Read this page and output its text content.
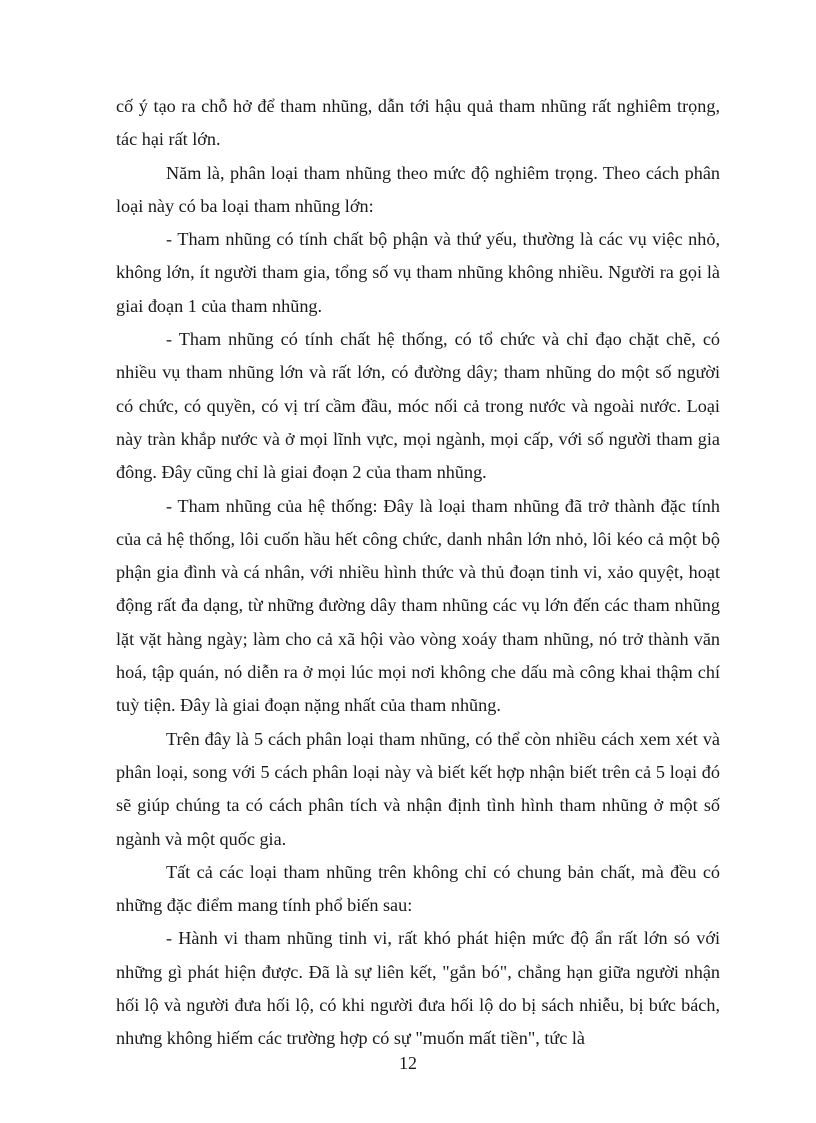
cố ý tạo ra chỗ hở để tham nhũng, dẫn tới hậu quả tham nhũng rất nghiêm trọng, tác hại rất lớn.

Năm là, phân loại tham nhũng theo mức độ nghiêm trọng. Theo cách phân loại này có ba loại tham nhũng lớn:

- Tham nhũng có tính chất bộ phận và thứ yếu, thường là các vụ việc nhỏ, không lớn, ít người tham gia, tổng số vụ tham nhũng không nhiều. Người ra gọi là giai đoạn 1 của tham nhũng.

- Tham nhũng có tính chất hệ thống, có tổ chức và chỉ đạo chặt chẽ, có nhiều vụ tham nhũng lớn và rất lớn, có đường dây; tham nhũng do một số người có chức, có quyền, có vị trí cầm đầu, móc nối cả trong nước và ngoài nước. Loại này tràn khắp nước và ở mọi lĩnh vực, mọi ngành, mọi cấp, với số người tham gia đông. Đây cũng chỉ là giai đoạn 2 của tham nhũng.

- Tham nhũng của hệ thống: Đây là loại tham nhũng đã trở thành đặc tính của cả hệ thống, lôi cuốn hầu hết công chức, danh nhân lớn nhỏ, lôi kéo cả một bộ phận gia đình và cá nhân, với nhiều hình thức và thủ đoạn tinh vi, xảo quyệt, hoạt động rất đa dạng, từ những đường dây tham nhũng các vụ lớn đến các tham nhũng lặt vặt hàng ngày; làm cho cả xã hội vào vòng xoáy tham nhũng, nó trở thành văn hoá, tập quán, nó diễn ra ở mọi lúc mọi nơi không che dấu mà công khai thậm chí tuỳ tiện. Đây là giai đoạn nặng nhất của tham nhũng.

Trên đây là 5 cách phân loại tham nhũng, có thể còn nhiều cách xem xét và phân loại, song với 5 cách phân loại này và biết kết hợp nhận biết trên cả 5 loại đó sẽ giúp chúng ta có cách phân tích và nhận định tình hình tham nhũng ở một số ngành và một quốc gia.

Tất cả các loại tham nhũng trên không chỉ có chung bản chất, mà đều có những đặc điểm mang tính phổ biến sau:

- Hành vi tham nhũng tinh vi, rất khó phát hiện mức độ ẩn rất lớn só với những gì phát hiện được. Đã là sự liên kết, "gắn bó", chẳng hạn giữa người nhận hối lộ và người đưa hối lộ, có khi người đưa hối lộ do bị sách nhiễu, bị bức bách, nhưng không hiếm các trường hợp có sự "muốn mất tiền", tức là

12
